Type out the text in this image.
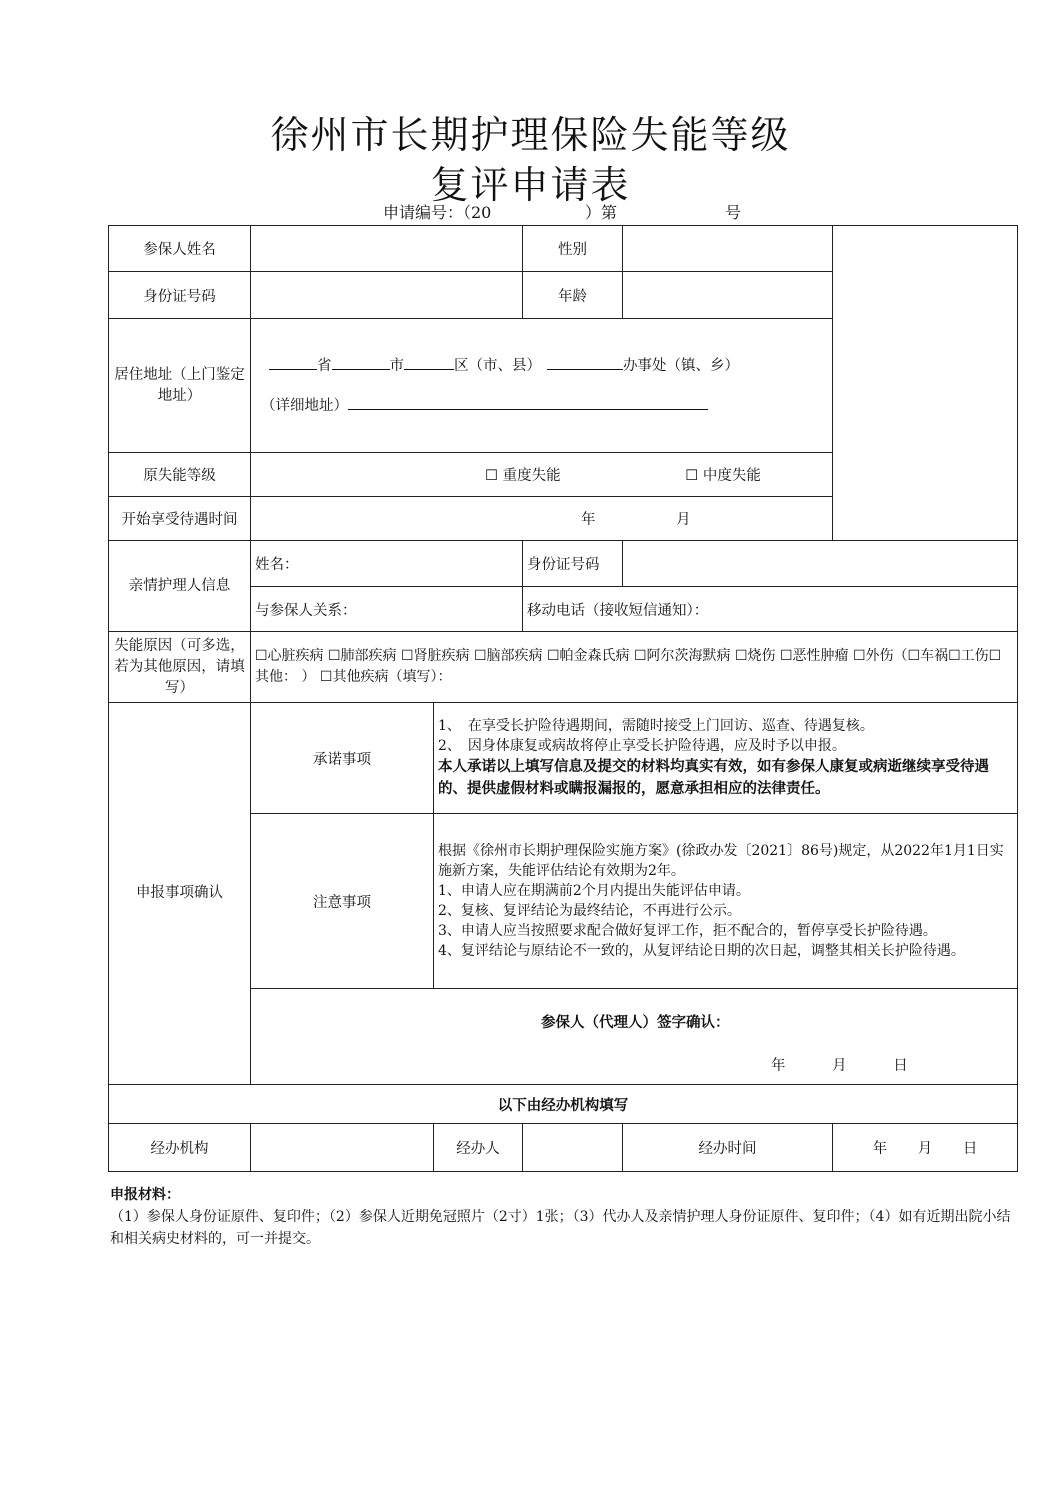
徐州市长期护理保险失能等级
复评申请表
申请编号：（20	）第	号
参保人姓名			性别		
身份证号码			年龄		
居住地址（上门鉴定地址）	省 市 区（市、县） 办事处（镇、乡）
（详细地址）				

原失能等级	☐ 重度失能 ☐ 中度失能				
开始享受待遇时间	年 月				
亲情护理人信息	姓名：		身份证号码		
	与参保人关系：		移动电话（接收短信通知）：		
失能原因（可多选，若为其他原因，请填写）	☐心脏疾病 ☐肺部疾病 ☐肾脏疾病 ☐脑部疾病 ☐帕金森氏病 ☐阿尔茨海默病 ☐烧伤 ☐恶性肿瘤 ☐外伤（☐车祸☐工伤☐其他： ） ☐其他疾病（填写）：				
申报事项确认	承诺事项	1、　在享受长护险待遇期间，需随时接受上门回访、巡查、待遇复核。
2、　因身体康复或病故将停止享受长护险待遇，应及时予以申报。
本人承诺以上填写信息及提交的材料均真实有效，如有参保人康复或病逝继续享受待遇的、提供虚假材料或瞒报漏报的，愿意承担相应的法律责任。			

	注意事项	根据《徐州市长期护理保险实施方案》(徐政办发〔2021〕86号)规定，从2022年1月1日实施新方案，失能评估结论有效期为2年。
1、申请人应在期满前2个月内提出失能评估申请。
2、复核、复评结论为最终结论，不再进行公示。
3、申请人应当按照要求配合做好复评工作，拒不配合的，暂停享受长护险待遇。
4、复评结论与原结论不一致的，从复评结论日期的次日起，调整其相关长护险待遇。			

	参保人（代理人）签字确认：
年 月 日				

以下由经办机构填写					
经办机构		经办人		经办时间	年 月 日
申报材料：
（1）参保人身份证原件、复印件；（2）参保人近期免冠照片（2寸）1张；（3）代办人及亲情护理人身份证原件、复印件；（4）如有近期出院小结和相关病史材料的，可一并提交。
